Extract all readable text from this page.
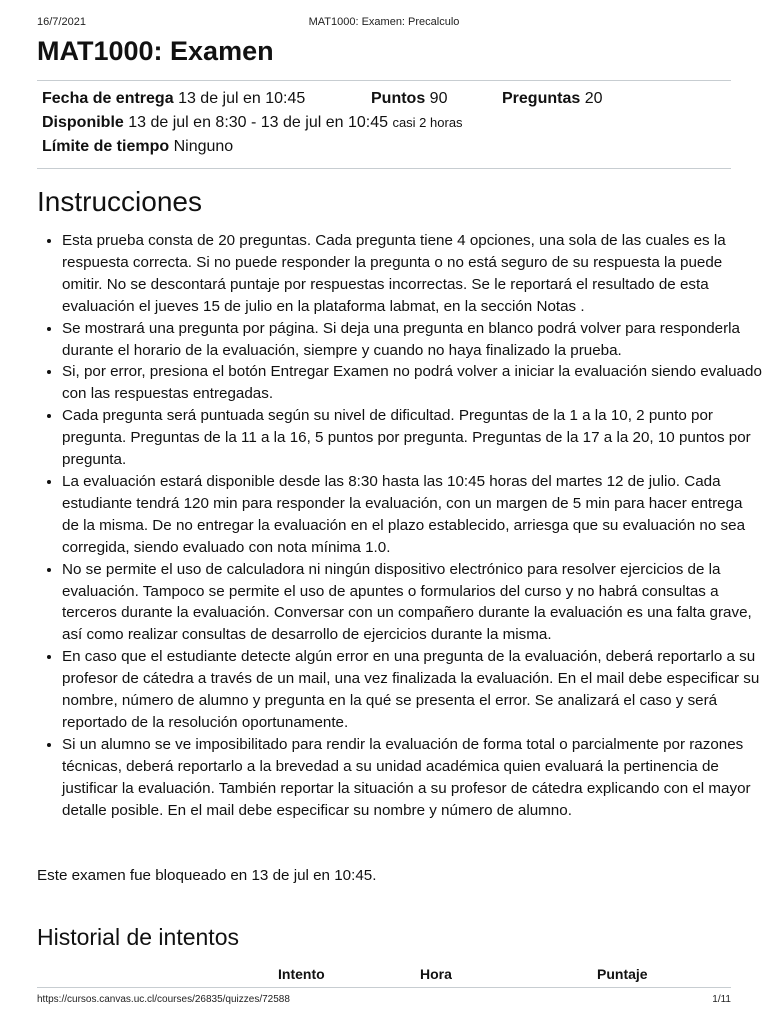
16/7/2021	MAT1000: Examen: Precalculo
MAT1000: Examen
Fecha de entrega 13 de jul en 10:45	Puntos 90	Preguntas 20
Disponible 13 de jul en 8:30 - 13 de jul en 10:45 casi 2 horas
Límite de tiempo Ninguno
Instrucciones
• Esta prueba consta de 20 preguntas. Cada pregunta tiene 4 opciones, una sola de las cuales es la respuesta correcta. Si no puede responder la pregunta o no está seguro de su respuesta la puede omitir. No se descontará puntaje por respuestas incorrectas. Se le reportará el resultado de esta evaluación el jueves 15 de julio en la plataforma labmat, en la sección Notas .
• Se mostrará una pregunta por página. Si deja una pregunta en blanco podrá volver para responderla durante el horario de la evaluación, siempre y cuando no haya finalizado la prueba.
• Si, por error, presiona el botón Entregar Examen no podrá volver a iniciar la evaluación siendo evaluado con las respuestas entregadas.
• Cada pregunta será puntuada según su nivel de dificultad. Preguntas de la 1 a la 10, 2 punto por pregunta. Preguntas de la 11 a la 16, 5 puntos por pregunta. Preguntas de la 17 a la 20, 10 puntos por pregunta.
• La evaluación estará disponible desde las 8:30 hasta las 10:45 horas del martes 12 de julio. Cada estudiante tendrá 120 min para responder la evaluación, con un margen de 5 min para hacer entrega de la misma. De no entregar la evaluación en el plazo establecido, arriesga que su evaluación no sea corregida, siendo evaluado con nota mínima 1.0.
• No se permite el uso de calculadora ni ningún dispositivo electrónico para resolver ejercicios de la evaluación. Tampoco se permite el uso de apuntes o formularios del curso y no habrá consultas a terceros durante la evaluación. Conversar con un compañero durante la evaluación es una falta grave, así como realizar consultas de desarrollo de ejercicios durante la misma.
• En caso que el estudiante detecte algún error en una pregunta de la evaluación, deberá reportarlo a su profesor de cátedra a través de un mail, una vez finalizada la evaluación. En el mail debe especificar su nombre, número de alumno y pregunta en la qué se presenta el error. Se analizará el caso y será reportado de la resolución oportunamente.
• Si un alumno se ve imposibilitado para rendir la evaluación de forma total o parcialmente por razones técnicas, deberá reportarlo a la brevedad a su unidad académica quien evaluará la pertinencia de justificar la evaluación. También reportar la situación a su profesor de cátedra explicando con el mayor detalle posible. En el mail debe especificar su nombre y número de alumno.
Este examen fue bloqueado en 13 de jul en 10:45.
Historial de intentos
Intento	Hora	Puntaje
https://cursos.canvas.uc.cl/courses/26835/quizzes/72588	1/11
